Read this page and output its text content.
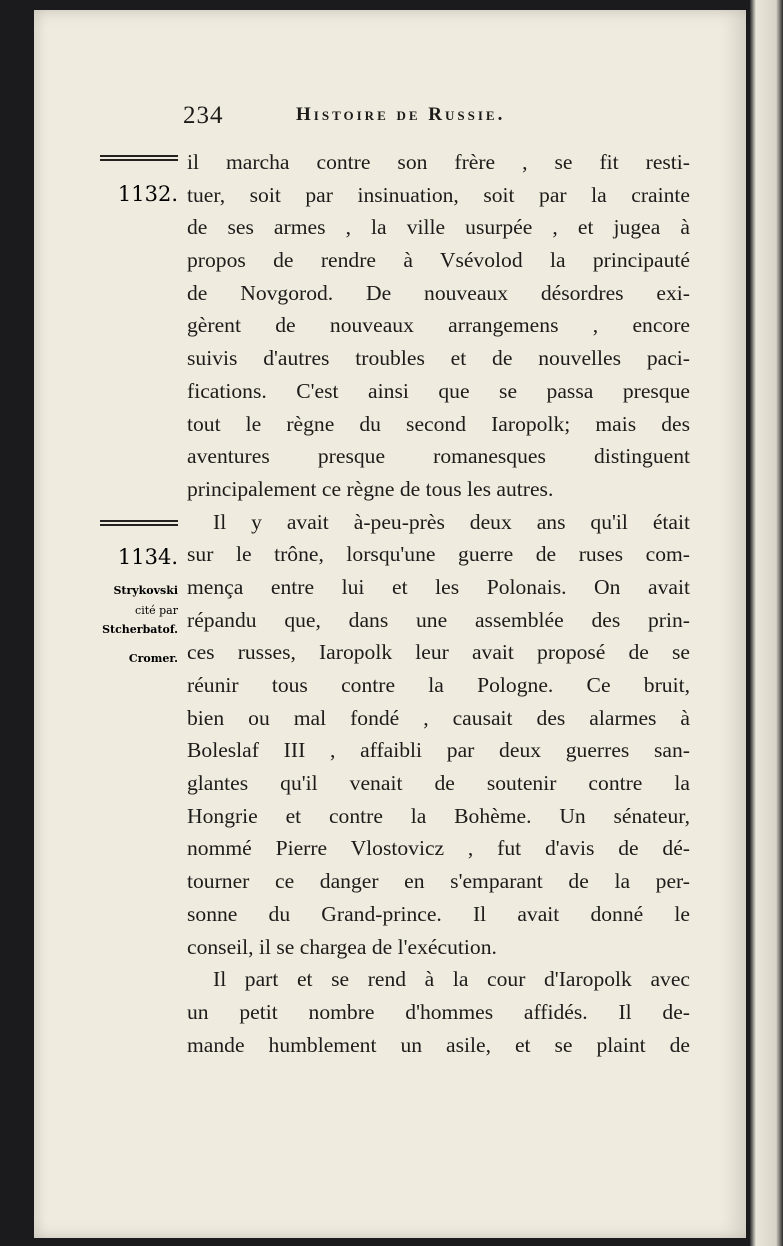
234	Histoire de Russie.
1132.
1134.
Strykovski
cité par
Stcherbatof.
Cromer.
il marcha contre son frère , se fit resti-
tuer, soit par insinuation, soit par la crainte
de ses armes , la ville usurpée , et jugea à
propos de rendre à Vsévolod la principauté
de Novgorod. De nouveaux désordres exi-
gèrent de nouveaux arrangemens , encore
suivis d'autres troubles et de nouvelles paci-
fications. C'est ainsi que se passa presque
tout le règne du second Iaropolk; mais des
aventures presque romanesques distinguent
principalement ce règne de tous les autres.
Il y avait à-peu-près deux ans qu'il était
sur le trône, lorsqu'une guerre de ruses com-
mença entre lui et les Polonais. On avait
répandu que, dans une assemblée des prin-
ces russes, Iaropolk leur avait proposé de se
réunir tous contre la Pologne. Ce bruit,
bien ou mal fondé , causait des alarmes à
Boleslaf III , affaibli par deux guerres san-
glantes qu'il venait de soutenir contre la
Hongrie et contre la Bohème. Un sénateur,
nommé Pierre Vlostovicz , fut d'avis de dé-
tourner ce danger en s'emparant de la per-
sonne du Grand-prince. Il avait donné le
conseil, il se chargea de l'exécution.
Il part et se rend à la cour d'Iaropolk avec
un petit nombre d'hommes affidés. Il de-
mande humblement un asile, et se plaint de
